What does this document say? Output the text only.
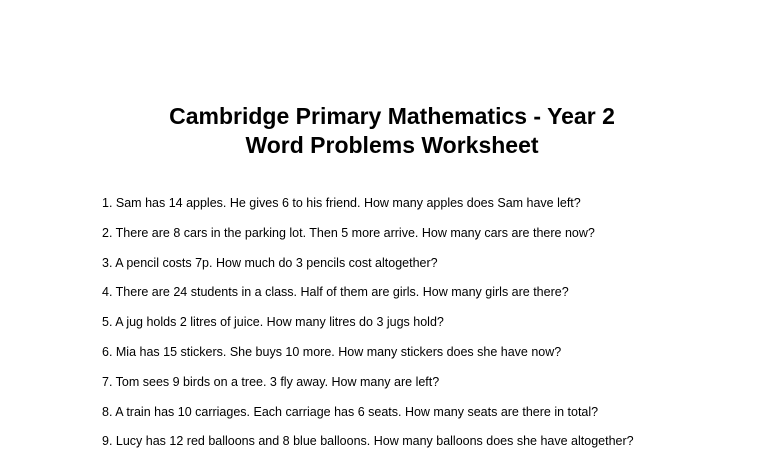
Cambridge Primary Mathematics - Year 2
Word Problems Worksheet
1. Sam has 14 apples. He gives 6 to his friend. How many apples does Sam have left?
2. There are 8 cars in the parking lot. Then 5 more arrive. How many cars are there now?
3. A pencil costs 7p. How much do 3 pencils cost altogether?
4. There are 24 students in a class. Half of them are girls. How many girls are there?
5. A jug holds 2 litres of juice. How many litres do 3 jugs hold?
6. Mia has 15 stickers. She buys 10 more. How many stickers does she have now?
7. Tom sees 9 birds on a tree. 3 fly away. How many are left?
8. A train has 10 carriages. Each carriage has 6 seats. How many seats are there in total?
9. Lucy has 12 red balloons and 8 blue balloons. How many balloons does she have altogether?
